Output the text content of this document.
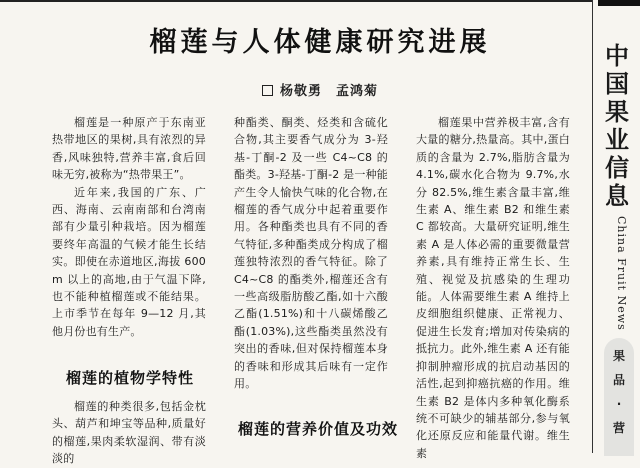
榴莲与人体健康研究进展
杨敬勇　孟鸿菊

榴莲是一种原产于东南亚热带地区的果树,具有浓烈的异香,风味独特,营养丰富,食后回味无穷,被称为“热带果王”。

近年来,我国的广东、广西、海南、云南南部和台湾南部有少量引种栽培。因为榴莲要终年高温的气候才能生长结实。即使在赤道地区,海拔 600 m 以上的高地,由于气温下降,也不能种植榴莲或不能结果。上市季节在每年 9—12 月,其他月份也有生产。

榴莲的植物学特性

榴莲的种类很多,包括金枕头、葫芦和坤宝等品种,质量好的榴莲,果肉柔软湿润、带有淡淡的

种酯类、酮类、烃类和含硫化合物,其主要香气成分为 3-羟基-丁酮-2 及一些 C4~C8 的酯类。3-羟基-丁酮-2 是一种能产生令人愉快气味的化合物,在榴莲的香气成分中起着重要作用。各种酯类也具有不同的香气特征,多种酯类成分构成了榴莲独特浓烈的香气特征。除了 C4~C8 的酯类外,榴莲还含有一些高级脂肪酸乙酯,如十六酸乙酯(1.51%)和十八碳烯酸乙酯(1.03%),这些酯类虽然没有突出的香味,但对保持榴莲本身的香味和形成其后味有一定作用。

榴莲的营养价值及功效

榴莲果中营养极丰富,含有大量的糖分,热量高。其中,蛋白质的含量为 2.7%,脂肪含量为 4.1%,碳水化合物为 9.7%,水分 82.5%,维生素含量丰富,维生素 A、维生素 B2 和维生素 C 都较高。大量研究证明,维生素 A 是人体必需的重要微量营养素,具有维持正常生长、生殖、视觉及抗感染的生理功能。人体需要维生素 A 维持上皮细胞组织健康、正常视力、促进生长发育;增加对传染病的抵抗力。此外,维生素 A 还有能抑制肿瘤形成的抗启动基因的活性,起到抑癌抗癌的作用。维生素 B2 是体内多种氧化酶系统不可缺少的辅基部分,参与氧化还原反应和能量代谢。维生素

中
国
果
业
信
息
China Fruit News
果
品
·
营
